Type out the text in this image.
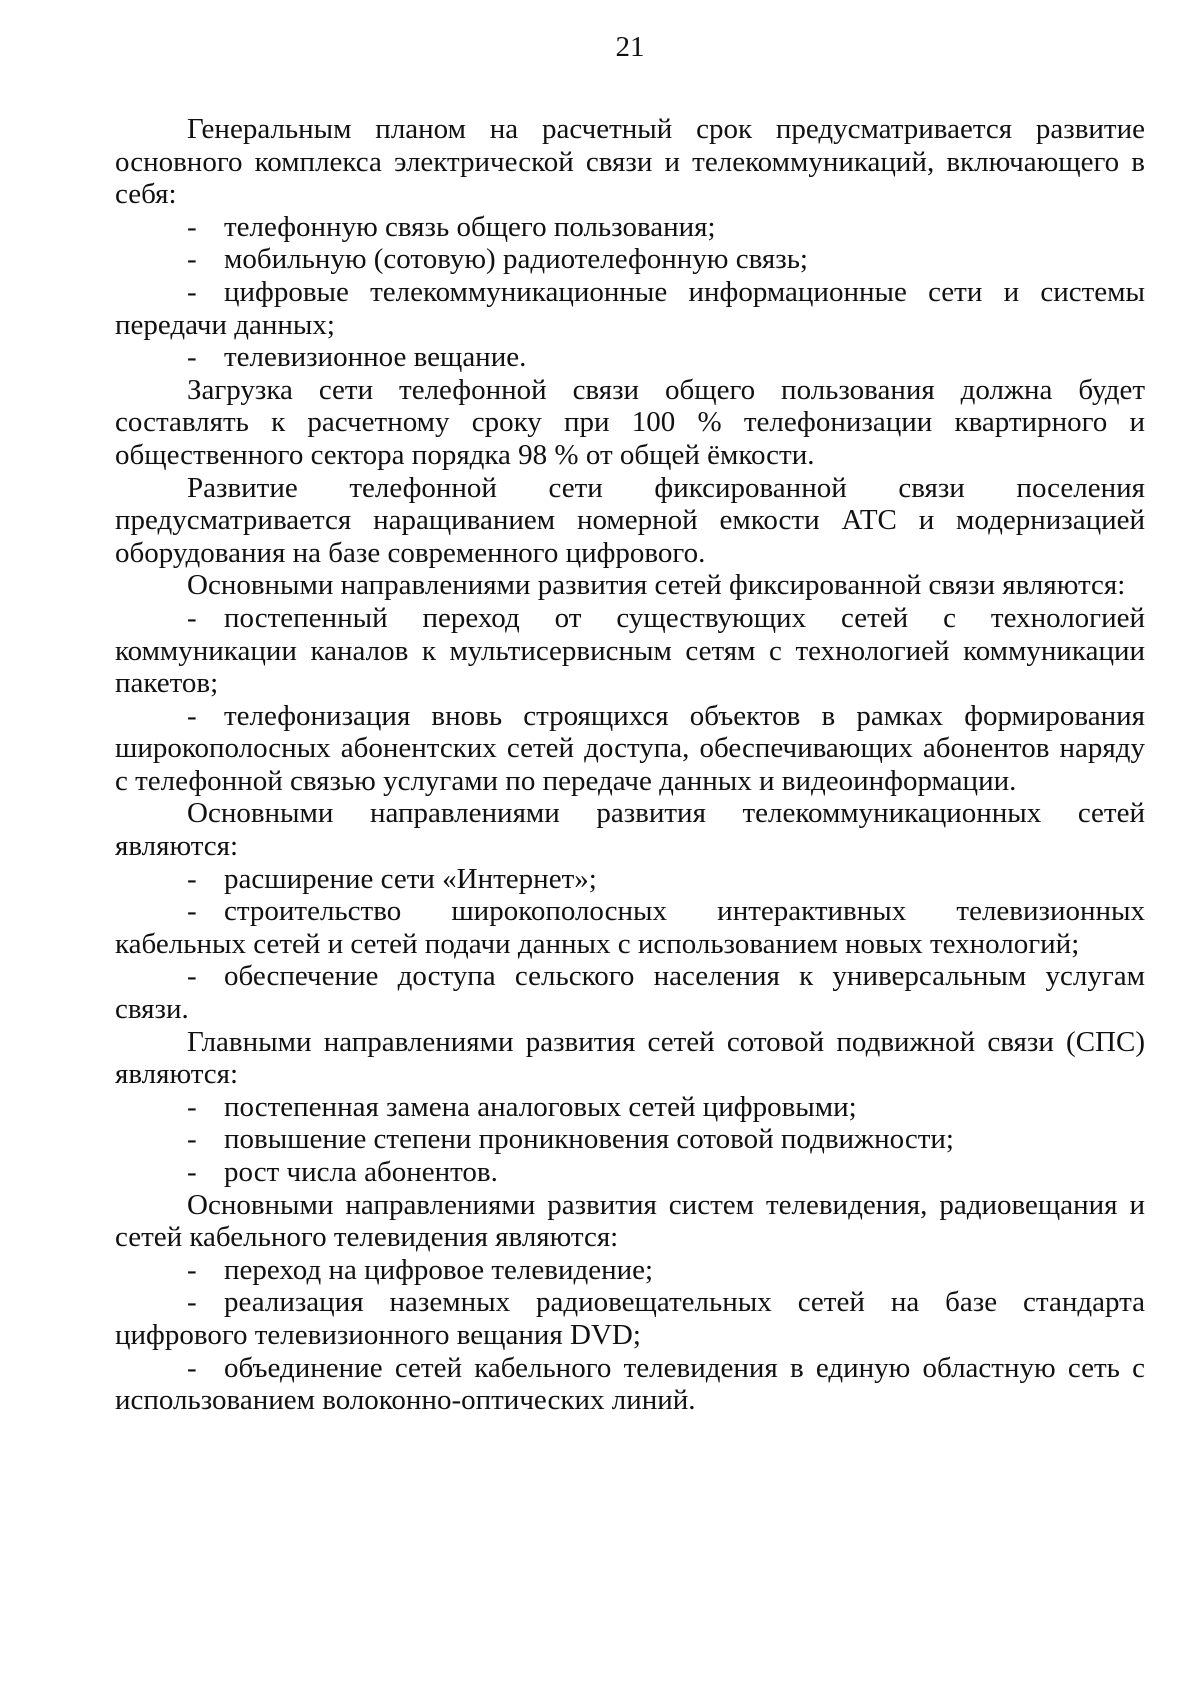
21

Генеральным планом на расчетный срок предусматривается развитие основного комплекса электрической связи и телекоммуникаций, включающего в себя:

- телефонную связь общего пользования;

- мобильную (сотовую) радиотелефонную связь;

- цифровые телекоммуникационные информационные сети и системы передачи данных;

- телевизионное вещание.

Загрузка сети телефонной связи общего пользования должна будет составлять к расчетному сроку при 100 % телефонизации квартирного и общественного сектора порядка 98 % от общей ёмкости.

Развитие телефонной сети фиксированной связи поселения предусматривается наращиванием номерной емкости АТС и модернизацией оборудования на базе современного цифрового.

Основными направлениями развития сетей фиксированной связи являются:

- постепенный переход от существующих сетей с технологией коммуникации каналов к мультисервисным сетям с технологией коммуникации пакетов;

- телефонизация вновь строящихся объектов в рамках формирования широкополосных абонентских сетей доступа, обеспечивающих абонентов наряду с телефонной связью услугами по передаче данных и видеоинформации.

Основными направлениями развития телекоммуникационных сетей являются:

- расширение сети «Интернет»;

- строительство широкополосных интерактивных телевизионных кабельных сетей и сетей подачи данных с использованием новых технологий;

- обеспечение доступа сельского населения к универсальным услугам связи.

Главными направлениями развития сетей сотовой подвижной связи (СПС) являются:

- постепенная замена аналоговых сетей цифровыми;

- повышение степени проникновения сотовой подвижности;

- рост числа абонентов.

Основными направлениями развития систем телевидения, радиовещания и сетей кабельного телевидения являются:

- переход на цифровое телевидение;

- реализация наземных радиовещательных сетей на базе стандарта цифрового телевизионного вещания DVD;

- объединение сетей кабельного телевидения в единую областную сеть с использованием волоконно-оптических линий.
